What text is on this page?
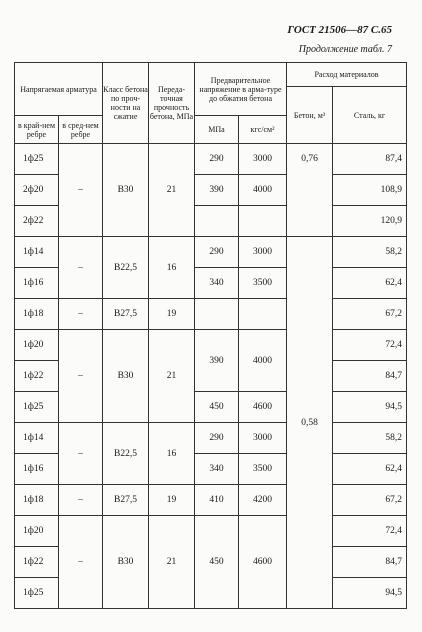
ГОСТ 21506—87 С.65
Продолжение табл. 7
Напрягаемая арматура		Класс бетона по проч-ности на сжатие	Переда-точная прочность бетона, МПа	Предварительное напряжение в арма-туре до обжатия бетона		Расход материалов	
						Бетон, м³	Сталь, кг
в край-нем ребре	в сред-нем ребре			МПа	кгс/см²		
1ф25	–	В30	21	290	3000	0,76	87,4
2ф20				390	4000		108,9
2ф22							120,9
1ф14	–	В22,5	16	290	3000	0,58	58,2
1ф16				340	3500		62,4
1ф18	–	В27,5	19				67,2
1ф20	–	В30	21	390	4000		72,4
1ф22							84,7
1ф25				450	4600		94,5
1ф14	–	В22,5	16	290	3000		58,2
1ф16				340	3500		62,4
1ф18	–	В27,5	19	410	4200		67,2
1ф20	–	В30	21	450	4600		72,4
1ф22							84,7
1ф25							94,5
